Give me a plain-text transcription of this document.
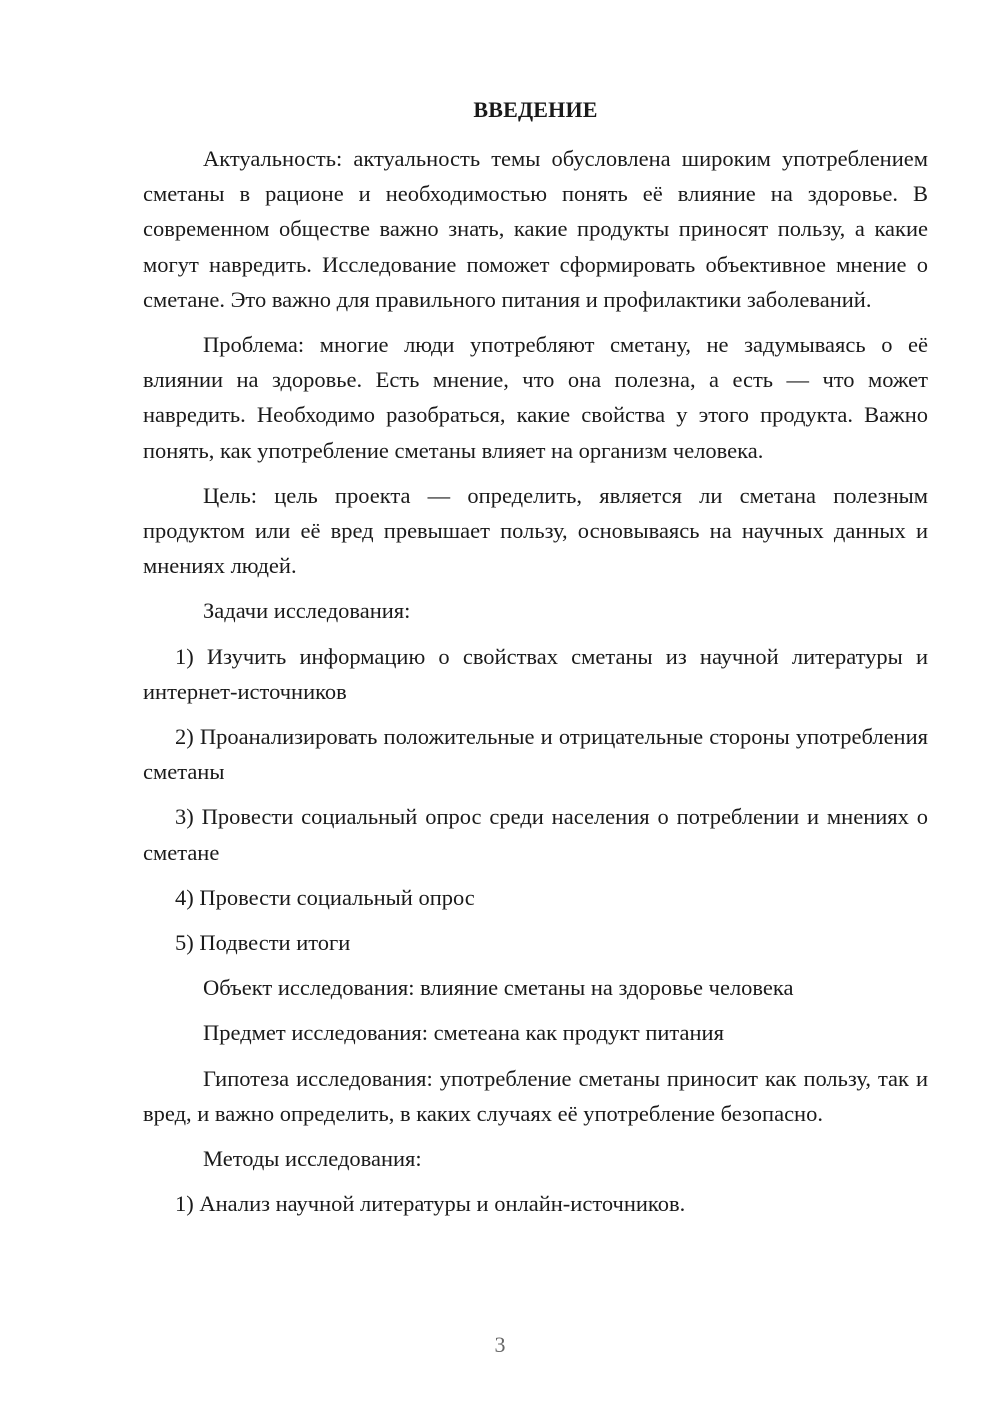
ВВЕДЕНИЕ

Актуальность: актуальность темы обусловлена широким употреблением сметаны в рационе и необходимостью понять её влияние на здоровье. В современном обществе важно знать, какие продукты приносят пользу, а какие могут навредить. Исследование поможет сформировать объективное мнение о сметане. Это важно для правильного питания и профилактики заболеваний.

Проблема: многие люди употребляют сметану, не задумываясь о её влиянии на здоровье. Есть мнение, что она полезна, а есть — что может навредить. Необходимо разобраться, какие свойства у этого продукта. Важно понять, как употребление сметаны влияет на организм человека.

Цель: цель проекта — определить, является ли сметана полезным продуктом или её вред превышает пользу, основываясь на научных данных и мнениях людей.

Задачи исследования:

1) Изучить информацию о свойствах сметаны из научной литературы и интернет-источников

2) Проанализировать положительные и отрицательные стороны употребления сметаны

3) Провести социальный опрос среди населения о потреблении и мнениях о сметане

4) Провести социальный опрос

5) Подвести итоги

Объект исследования: влияние сметаны на здоровье человека

Предмет исследования: сметеана как продукт питания

Гипотеза исследования: употребление сметаны приносит как пользу, так и вред, и важно определить, в каких случаях её употребление безопасно.

Методы исследования:

1) Анализ научной литературы и онлайн-источников.

3
